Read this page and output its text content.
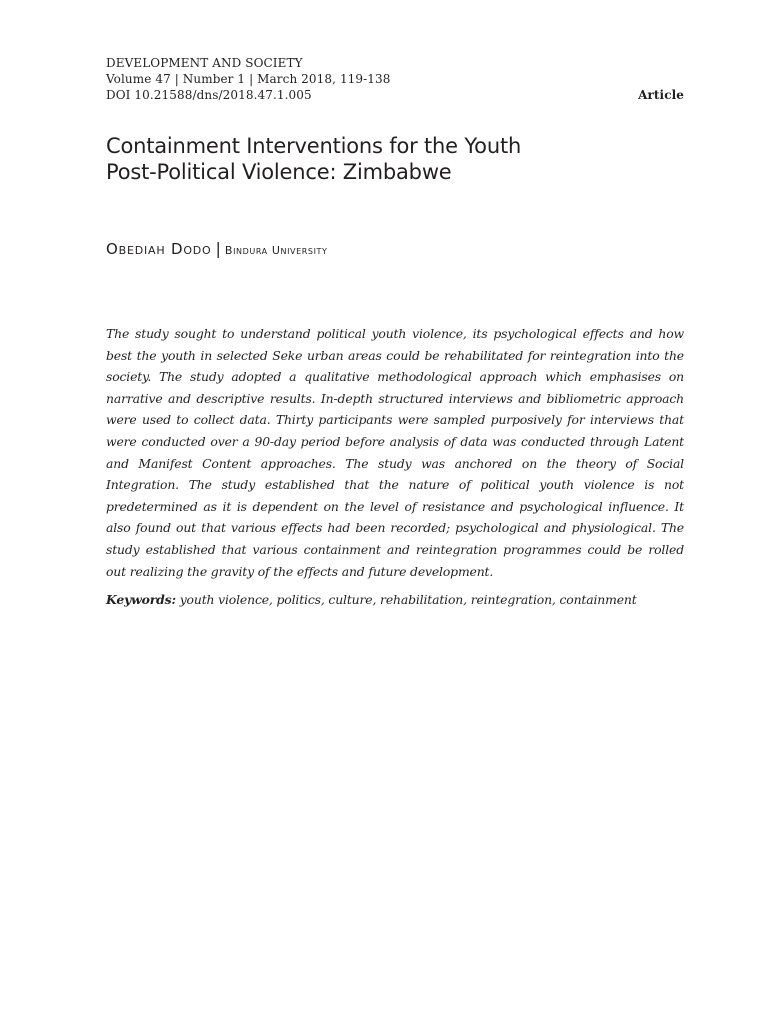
DEVELOPMENT AND SOCIETY
Volume 47 | Number 1 | March 2018, 119-138
DOI 10.21588/dns/2018.47.1.005	Article
Containment Interventions for the Youth
Post-Political Violence: Zimbabwe
Obediah Dodo | Bindura University

The study sought to understand political youth violence, its psychological effects and how best the youth in selected Seke urban areas could be rehabilitated for reintegration into the society. The study adopted a qualitative methodological approach which emphasises on narrative and descriptive results. In-depth structured interviews and bibliometric approach were used to collect data. Thirty participants were sampled purposively for interviews that were conducted over a 90-day period before analysis of data was conducted through Latent and Manifest Content approaches. The study was anchored on the theory of Social Integration. The study established that the nature of political youth violence is not predetermined as it is dependent on the level of resistance and psychological influence. It also found out that various effects had been recorded; psychological and physiological. The study established that various containment and reintegration programmes could be rolled out realizing the gravity of the effects and future development.

Keywords: youth violence, politics, culture, rehabilitation, reintegration, containment
